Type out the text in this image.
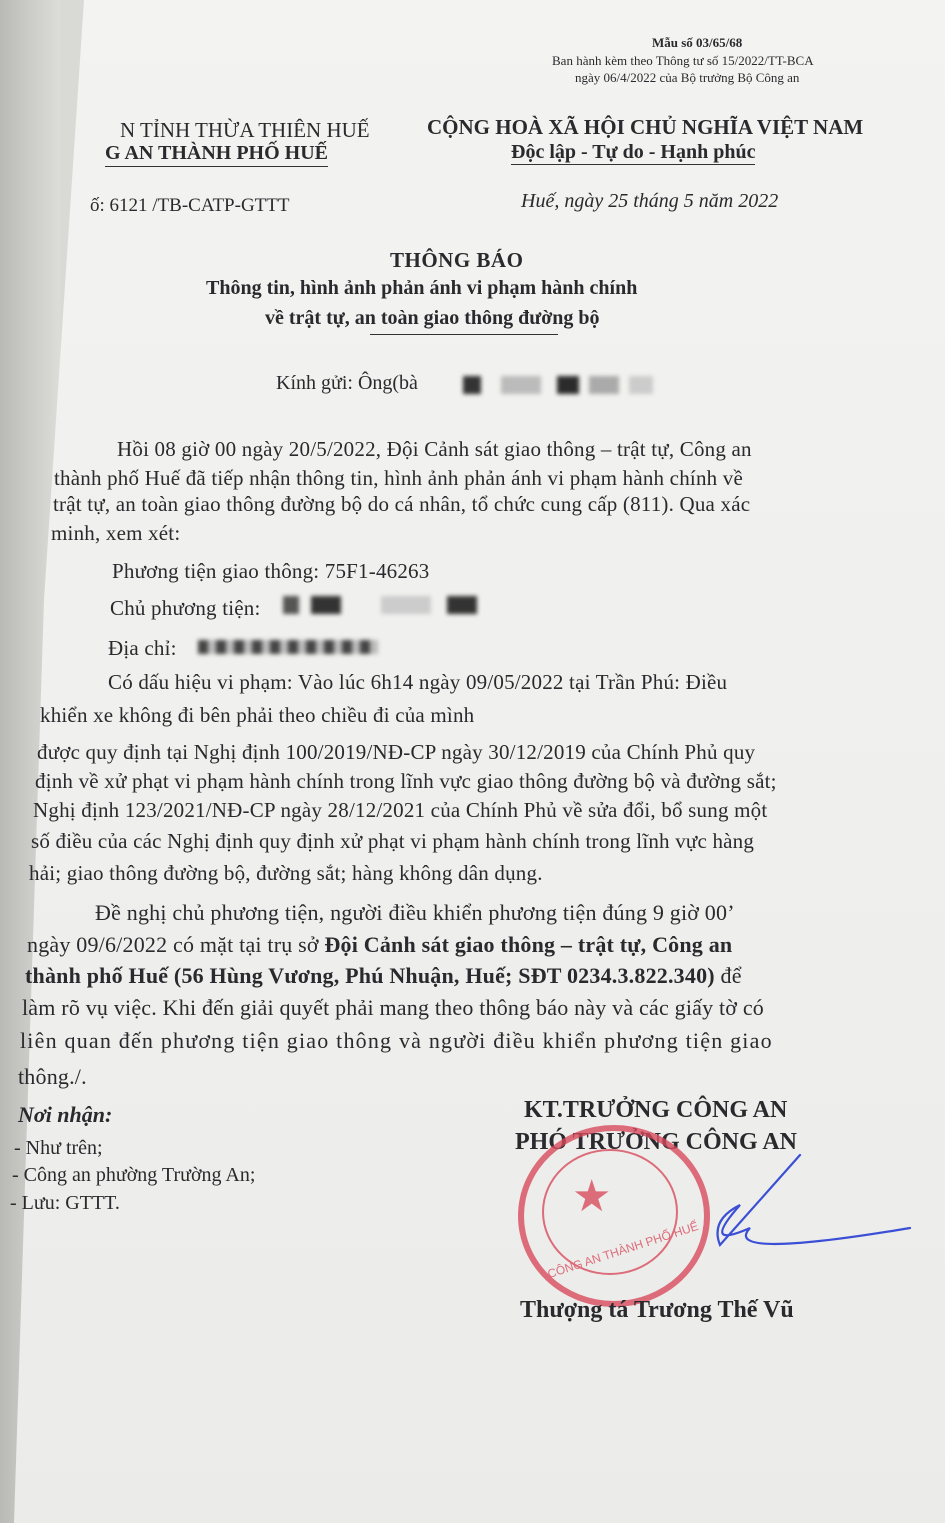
Mẫu số 03/65/68
Ban hành kèm theo Thông tư số 15/2022/TT-BCA
ngày 06/4/2022 của Bộ trưởng Bộ Công an
N TỈNH THỪA THIÊN HUẾ
G AN THÀNH PHỐ HUẾ
CỘNG HOÀ XÃ HỘI CHỦ NGHĨA VIỆT NAM
Độc lập - Tự do - Hạnh phúc
ố: 6121 /TB-CATP-GTTT	Huế, ngày 25 tháng 5 năm 2022
THÔNG BÁO
Thông tin, hình ảnh phản ánh vi phạm hành chính
về trật tự, an toàn giao thông đường bộ
Kính gửi: Ông(bà
Hồi 08 giờ 00 ngày 20/5/2022, Đội Cảnh sát giao thông – trật tự, Công an
thành phố Huế đã tiếp nhận thông tin, hình ảnh phản ánh vi phạm hành chính về
trật tự, an toàn giao thông đường bộ do cá nhân, tổ chức cung cấp (811). Qua xác
minh, xem xét:
Phương tiện giao thông: 75F1-46263
Chủ phương tiện:
Địa chỉ:
Có dấu hiệu vi phạm: Vào lúc 6h14 ngày 09/05/2022 tại Trần Phú: Điều
khiển xe không đi bên phải theo chiều đi của mình
được quy định tại Nghị định 100/2019/NĐ-CP ngày 30/12/2019 của Chính Phủ quy
định về xử phạt vi phạm hành chính trong lĩnh vực giao thông đường bộ và đường sắt;
Nghị định 123/2021/NĐ-CP ngày 28/12/2021 của Chính Phủ về sửa đổi, bổ sung một
số điều của các Nghị định quy định xử phạt vi phạm hành chính trong lĩnh vực hàng
hải; giao thông đường bộ, đường sắt; hàng không dân dụng.
Đề nghị chủ phương tiện, người điều khiển phương tiện đúng 9 giờ 00’
ngày 09/6/2022 có mặt tại trụ sở Đội Cảnh sát giao thông – trật tự, Công an
thành phố Huế (56 Hùng Vương, Phú Nhuận, Huế; SĐT 0234.3.822.340) để
làm rõ vụ việc. Khi đến giải quyết phải mang theo thông báo này và các giấy tờ có
liên quan đến phương tiện giao thông và người điều khiển phương tiện giao
thông./.
Nơi nhận:
- Như trên;
- Công an phường Trường An;
- Lưu: GTTT.
KT.TRƯỞNG CÔNG AN
PHÓ TRƯỞNG CÔNG AN
★
CÔNG AN THÀNH PHỐ HUẾ
Thượng tá Trương Thế Vũ
